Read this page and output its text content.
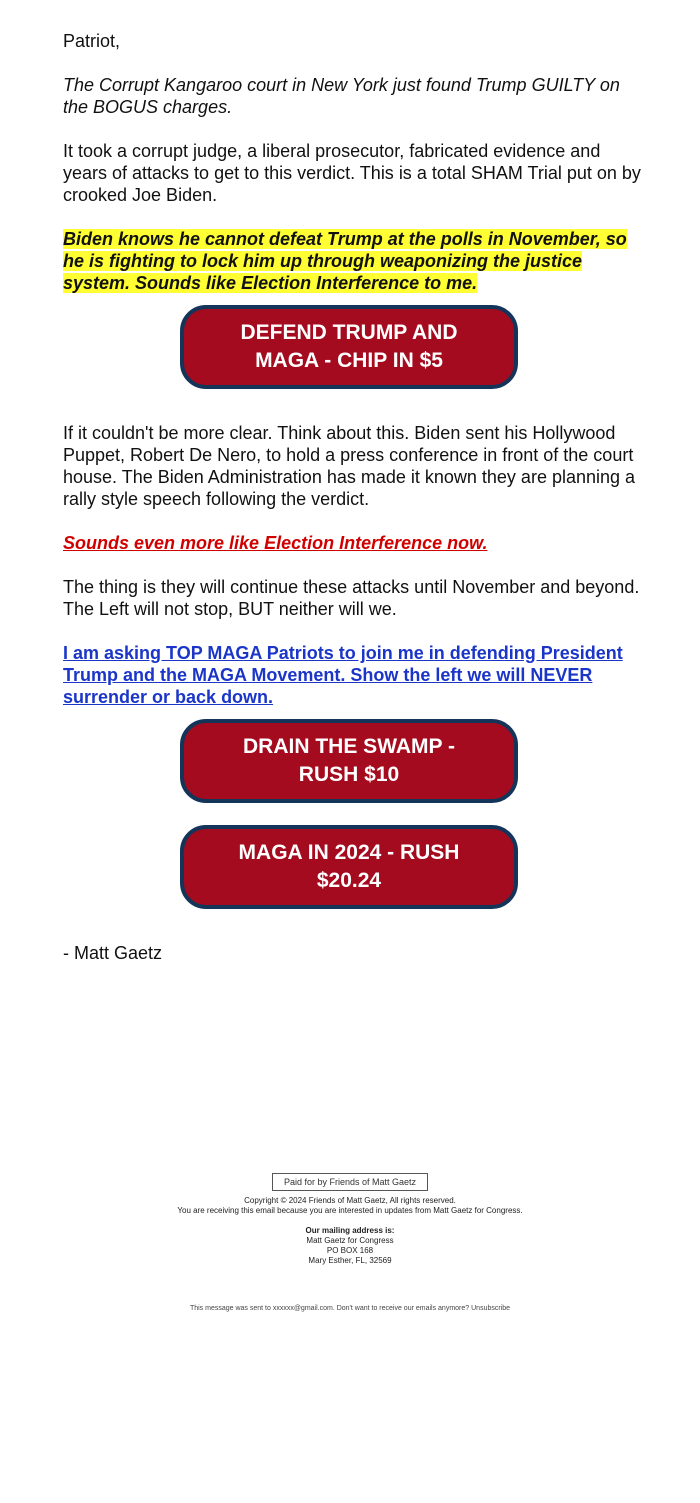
Patriot,

The Corrupt Kangaroo court in New York just found Trump GUILTY on the BOGUS charges.

It took a corrupt judge, a liberal prosecutor, fabricated evidence and years of attacks to get to this verdict. This is a total SHAM Trial put on by crooked Joe Biden.

Biden knows he cannot defeat Trump at the polls in November, so he is fighting to lock him up through weaponizing the justice system. Sounds like Election Interference to me.

If it couldn't be more clear. Think about this. Biden sent his Hollywood Puppet, Robert De Nero, to hold a press conference in front of the court house. The Biden Administration has made it known they are planning a rally style speech following the verdict.

Sounds even more like Election Interference now.

The thing is they will continue these attacks until November and beyond. The Left will not stop, BUT neither will we.

I am asking TOP MAGA Patriots to join me in defending President Trump and the MAGA Movement. Show the left we will NEVER surrender or back down.

- Matt Gaetz

DEFEND TRUMP AND MAGA - CHIP IN $5
DRAIN THE SWAMP - RUSH $10
MAGA IN 2024 - RUSH $20.24
Paid for by Friends of Matt Gaetz
Copyright © 2024 Friends of Matt Gaetz, All rights reserved.
You are receiving this email because you are interested in updates from Matt Gaetz for Congress.
Our mailing address is:
Matt Gaetz for Congress
PO BOX 168
Mary Esther, FL, 32569
This message was sent to xxxxxx@gmail.com. Don't want to receive our emails anymore? Unsubscribe
